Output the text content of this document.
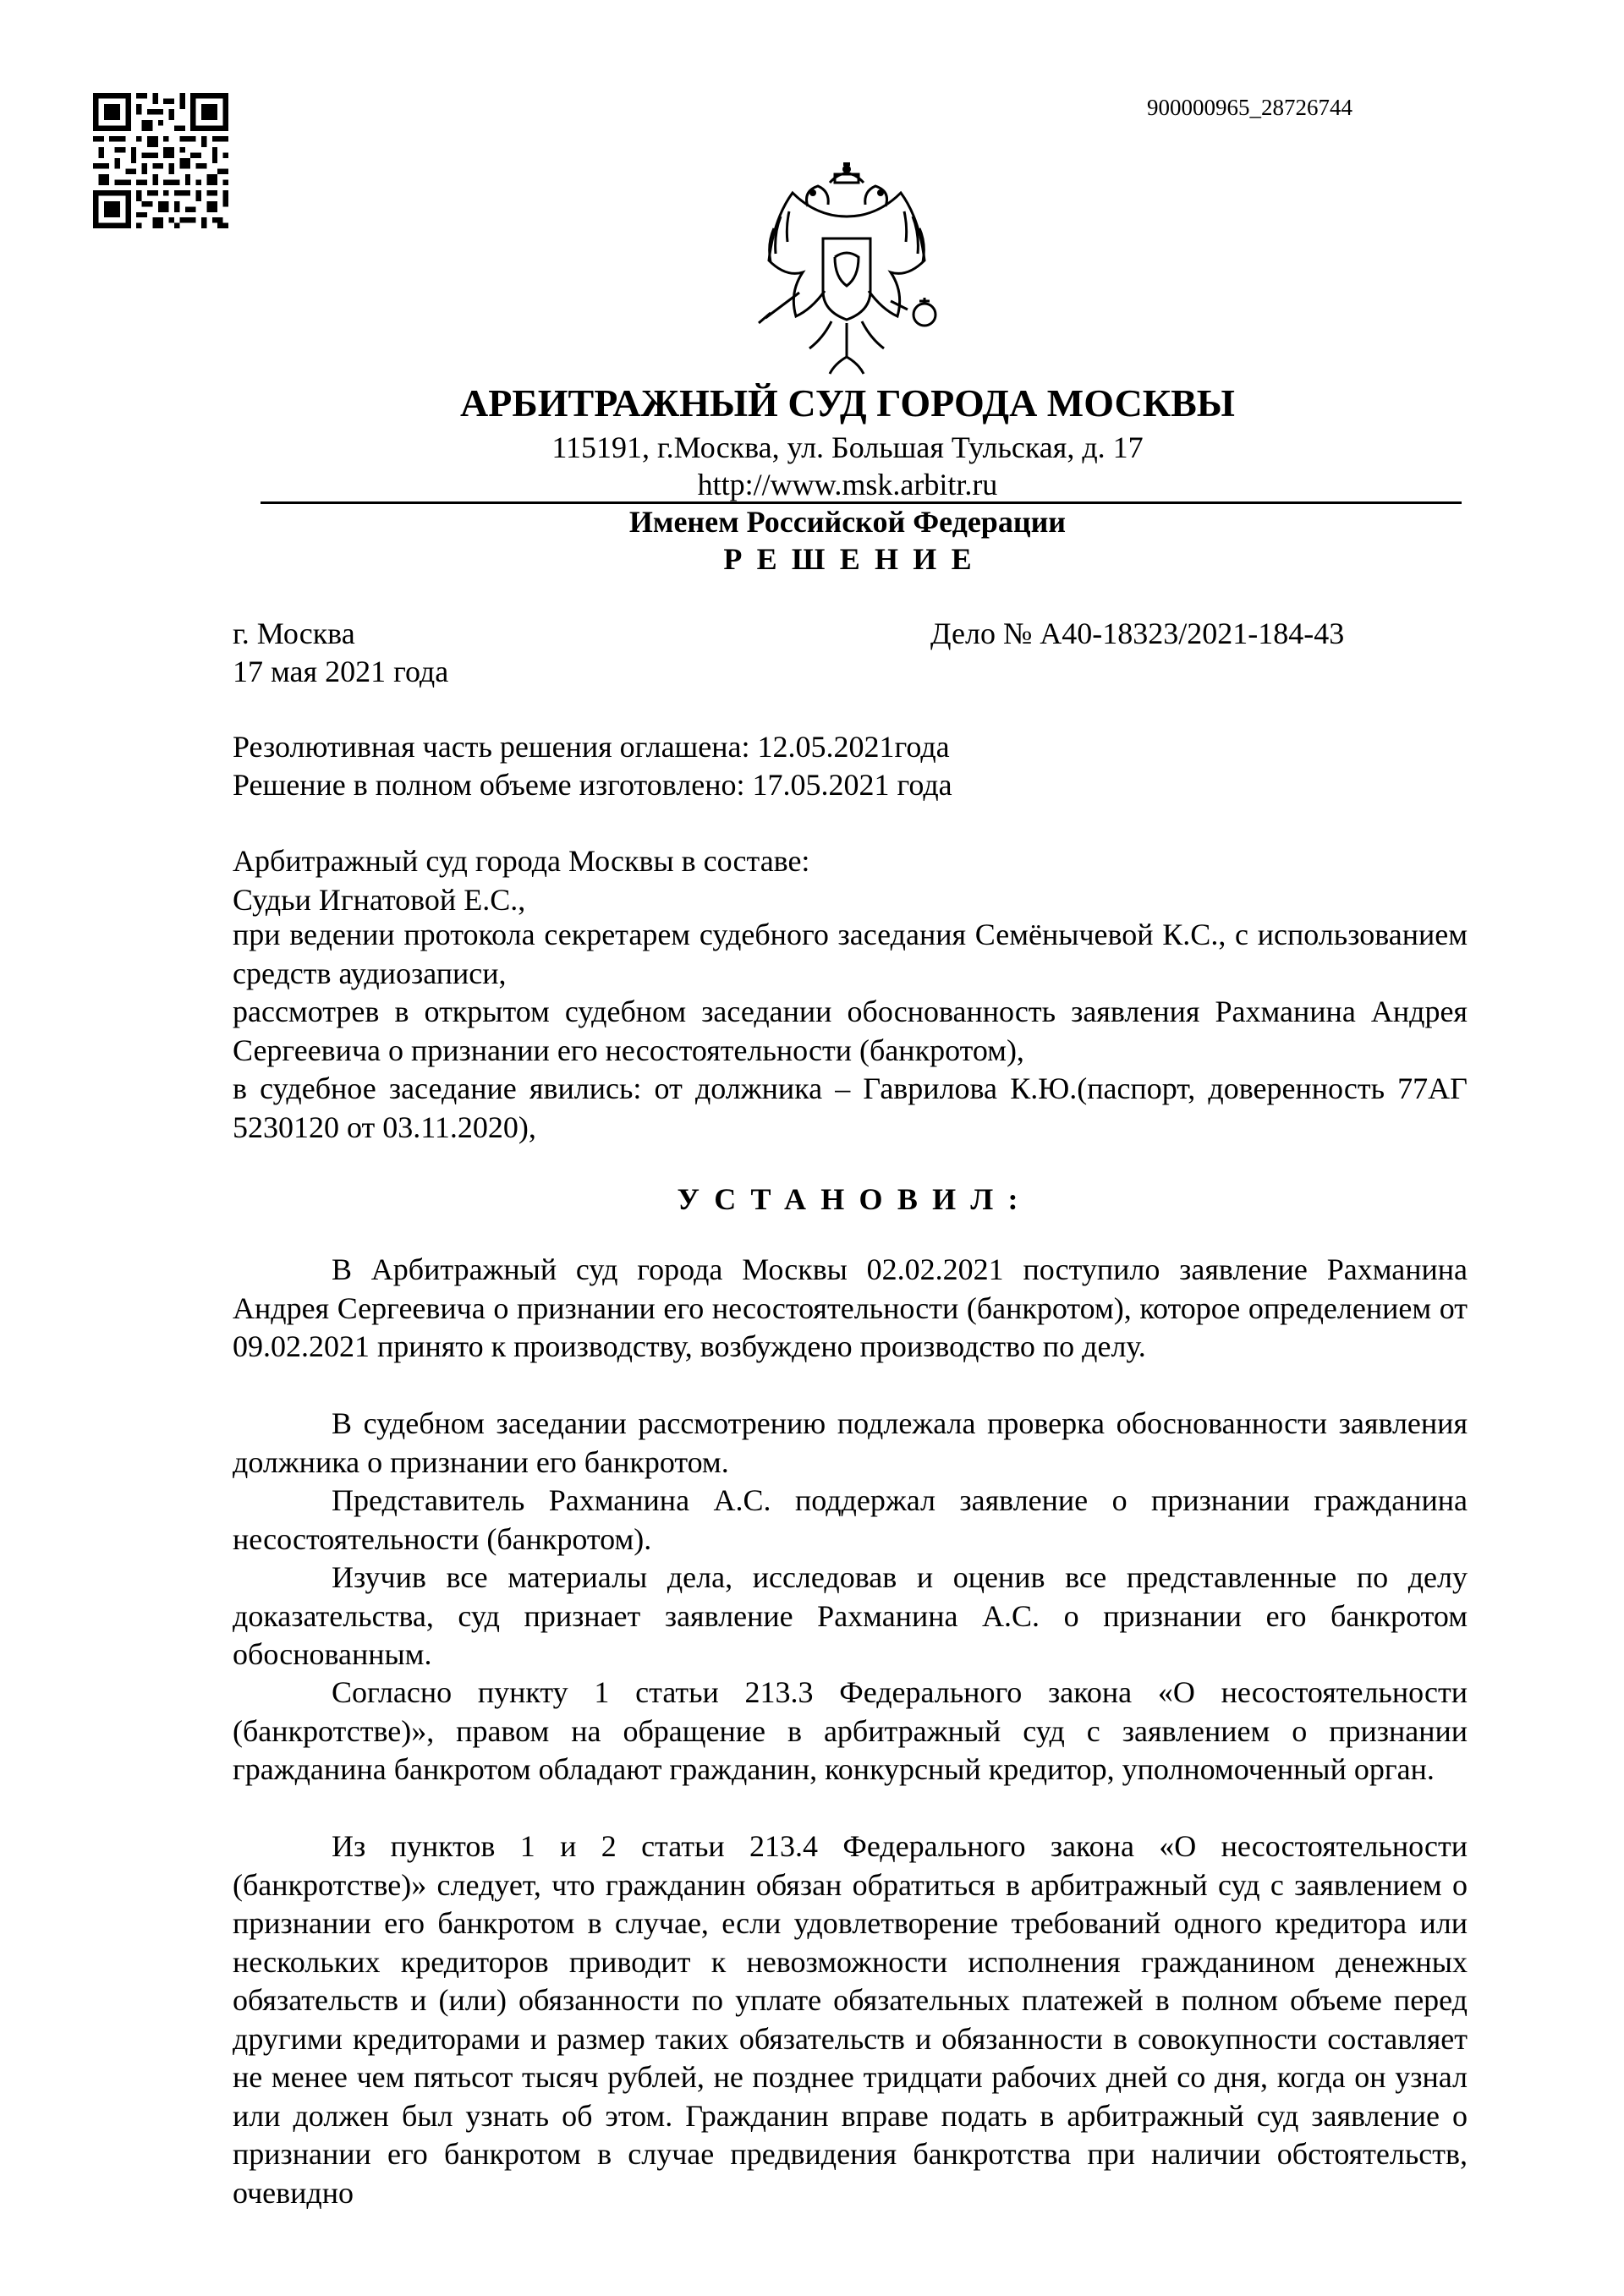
900000965_28726744
АРБИТРАЖНЫЙ СУД ГОРОДА МОСКВЫ
115191, г.Москва, ул. Большая Тульская, д. 17
http://www.msk.arbitr.ru
Именем Российской Федерации
РЕШЕНИЕ
г. Москва	Дело № А40-18323/2021-184-43
17 мая 2021 года
Резолютивная часть решения оглашена: 12.05.2021года
Решение в полном объеме изготовлено: 17.05.2021 года
Арбитражный суд города Москвы в составе:
Судьи Игнатовой Е.С.,
при ведении протокола секретарем судебного заседания Семёнычевой К.С., с использованием средств аудиозаписи,
рассмотрев в открытом судебном заседании обоснованность заявления Рахманина Андрея Сергеевича о признании его несостоятельности (банкротом),
в судебное заседание явились: от должника – Гаврилова К.Ю.(паспорт, доверенность 77АГ 5230120 от 03.11.2020),
УСТАНОВИЛ:
В Арбитражный суд города Москвы 02.02.2021 поступило заявление Рахманина Андрея Сергеевича о признании его несостоятельности (банкротом), которое определением от 09.02.2021 принято к производству, возбуждено производство по делу.
В судебном заседании рассмотрению подлежала проверка обоснованности заявления должника о признании его банкротом.
Представитель Рахманина А.С. поддержал заявление о признании гражданина несостоятельности (банкротом).
Изучив все материалы дела, исследовав и оценив все представленные по делу доказательства, суд признает заявление Рахманина А.С. о признании его банкротом обоснованным.
Согласно пункту 1 статьи 213.3 Федерального закона «О несостоятельности (банкротстве)», правом на обращение в арбитражный суд с заявлением о признании гражданина банкротом обладают гражданин, конкурсный кредитор, уполномоченный орган.
Из пунктов 1 и 2 статьи 213.4 Федерального закона «О несостоятельности (банкротстве)» следует, что гражданин обязан обратиться в арбитражный суд с заявлением о признании его банкротом в случае, если удовлетворение требований одного кредитора или нескольких кредиторов приводит к невозможности исполнения гражданином денежных обязательств и (или) обязанности по уплате обязательных платежей в полном объеме перед другими кредиторами и размер таких обязательств и обязанности в совокупности составляет не менее чем пятьсот тысяч рублей, не позднее тридцати рабочих дней со дня, когда он узнал или должен был узнать об этом. Гражданин вправе подать в арбитражный суд заявление о признании его банкротом в случае предвидения банкротства при наличии обстоятельств, очевидно
